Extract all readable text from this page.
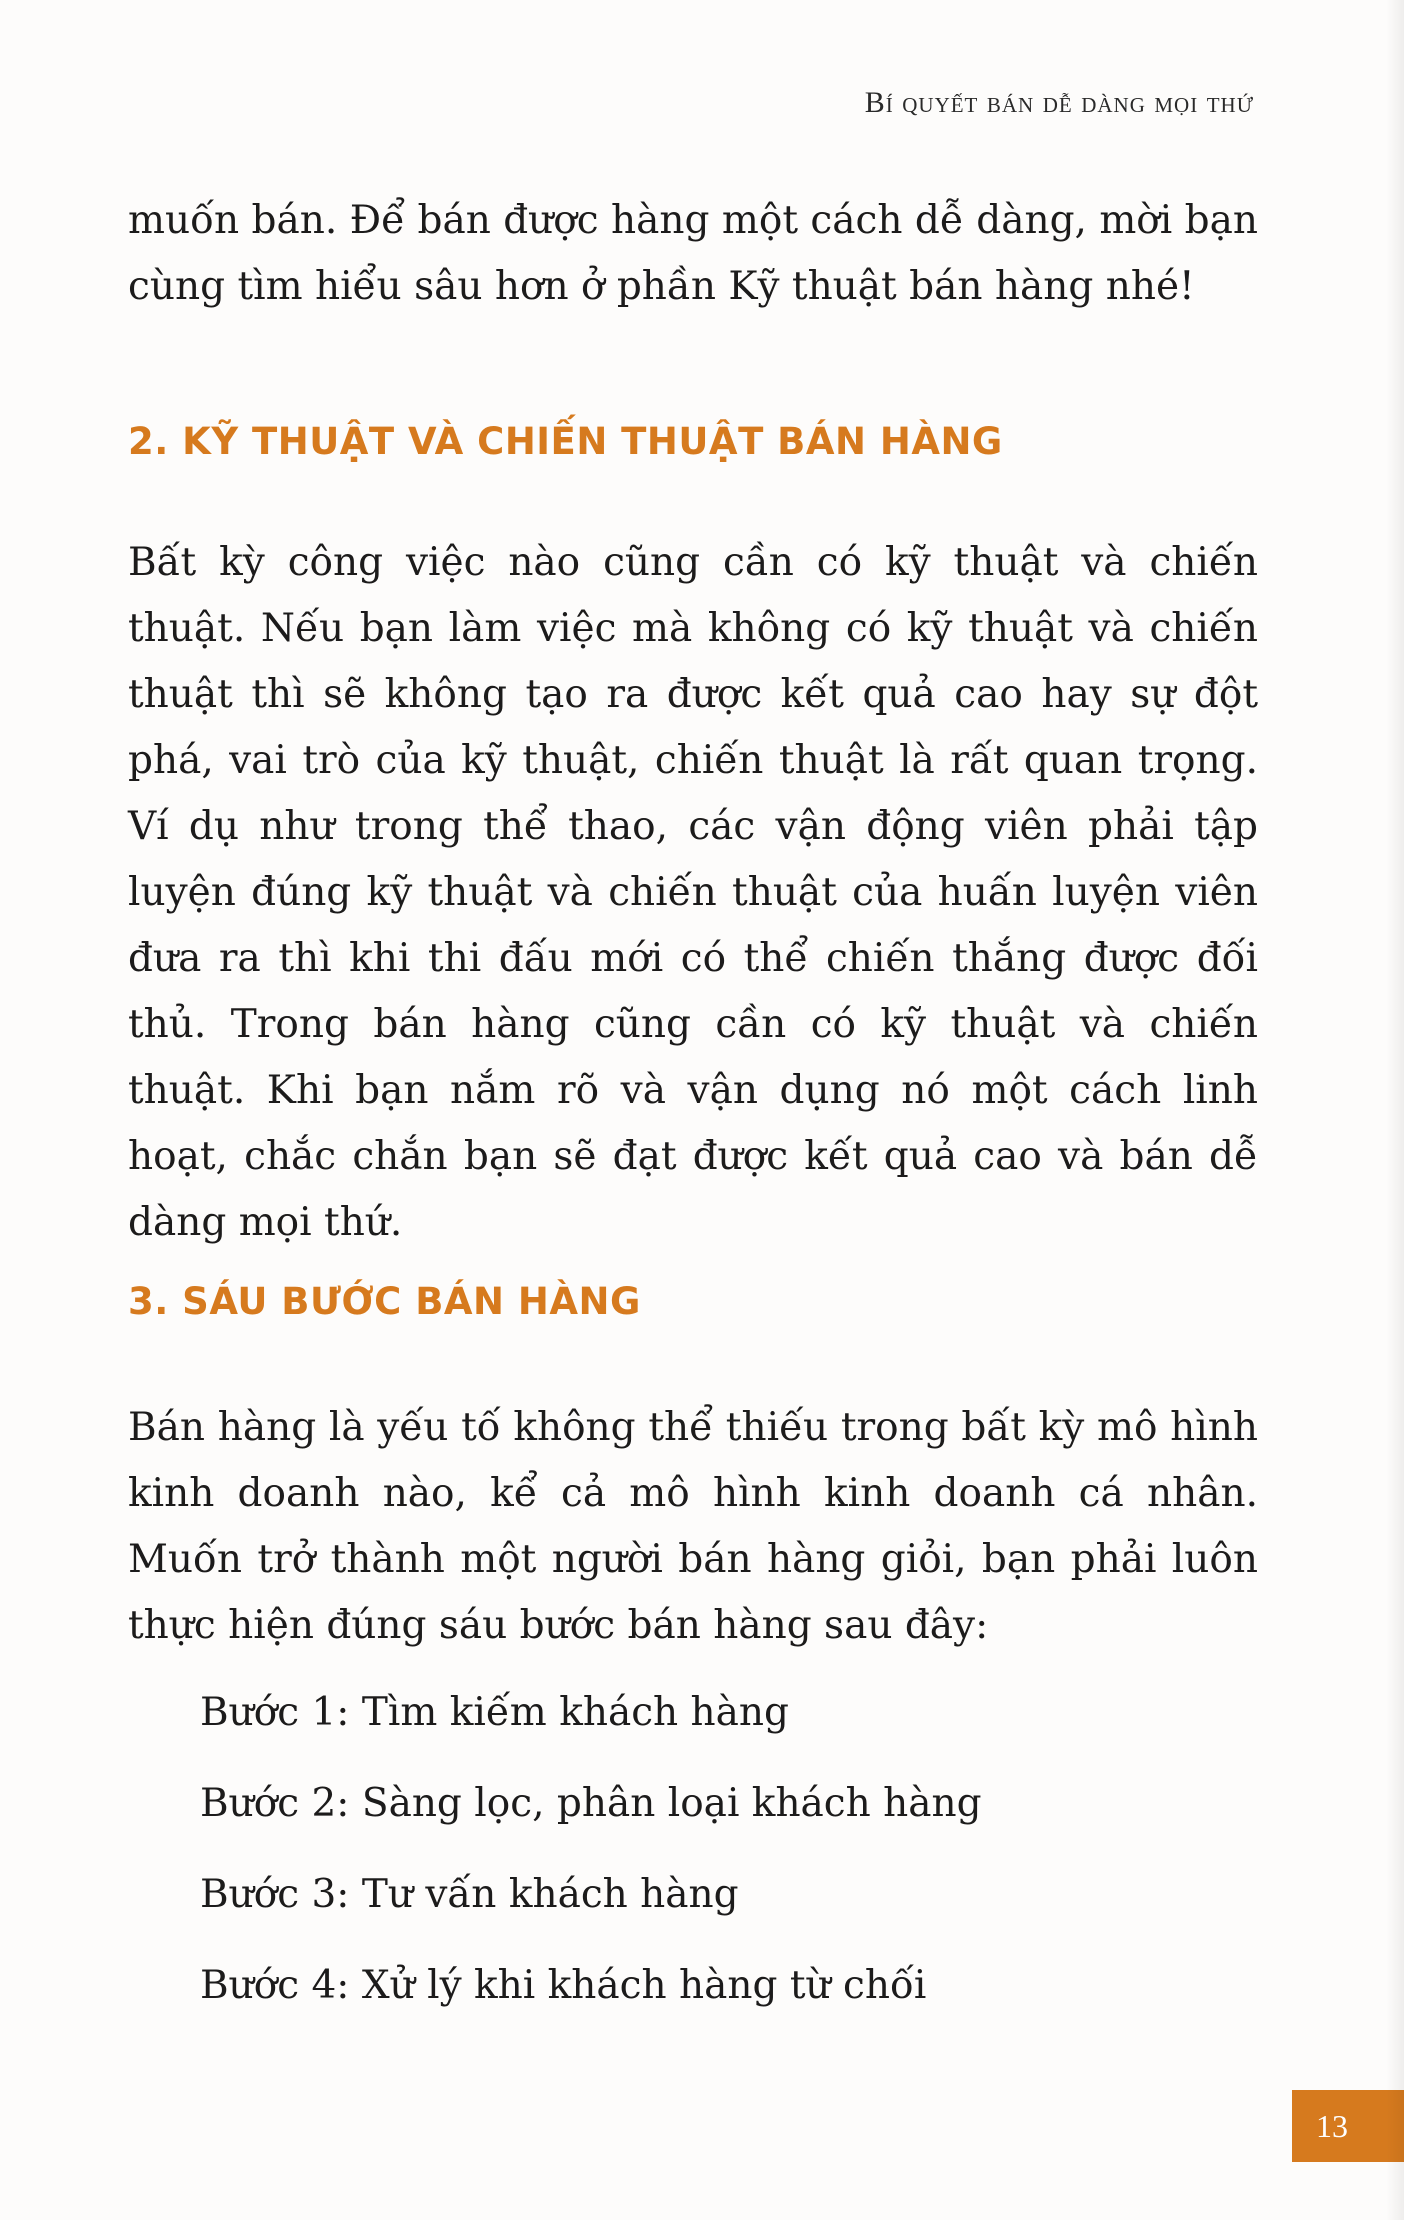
Bí quyết bán dễ dàng mọi thứ

muốn bán. Để bán được hàng một cách dễ dàng, mời bạn cùng tìm hiểu sâu hơn ở phần Kỹ thuật bán hàng nhé!

2. KỸ THUẬT VÀ CHIẾN THUẬT BÁN HÀNG

Bất kỳ công việc nào cũng cần có kỹ thuật và chiến thuật. Nếu bạn làm việc mà không có kỹ thuật và chiến thuật thì sẽ không tạo ra được kết quả cao hay sự đột phá, vai trò của kỹ thuật, chiến thuật là rất quan trọng. Ví dụ như trong thể thao, các vận động viên phải tập luyện đúng kỹ thuật và chiến thuật của huấn luyện viên đưa ra thì khi thi đấu mới có thể chiến thắng được đối thủ. Trong bán hàng cũng cần có kỹ thuật và chiến thuật. Khi bạn nắm rõ và vận dụng nó một cách linh hoạt, chắc chắn bạn sẽ đạt được kết quả cao và bán dễ dàng mọi thứ.

3. SÁU BƯỚC BÁN HÀNG

Bán hàng là yếu tố không thể thiếu trong bất kỳ mô hình kinh doanh nào, kể cả mô hình kinh doanh cá nhân. Muốn trở thành một người bán hàng giỏi, bạn phải luôn thực hiện đúng sáu bước bán hàng sau đây:

Bước 1: Tìm kiếm khách hàng
Bước 2: Sàng lọc, phân loại khách hàng
Bước 3: Tư vấn khách hàng
Bước 4: Xử lý khi khách hàng từ chối
13
